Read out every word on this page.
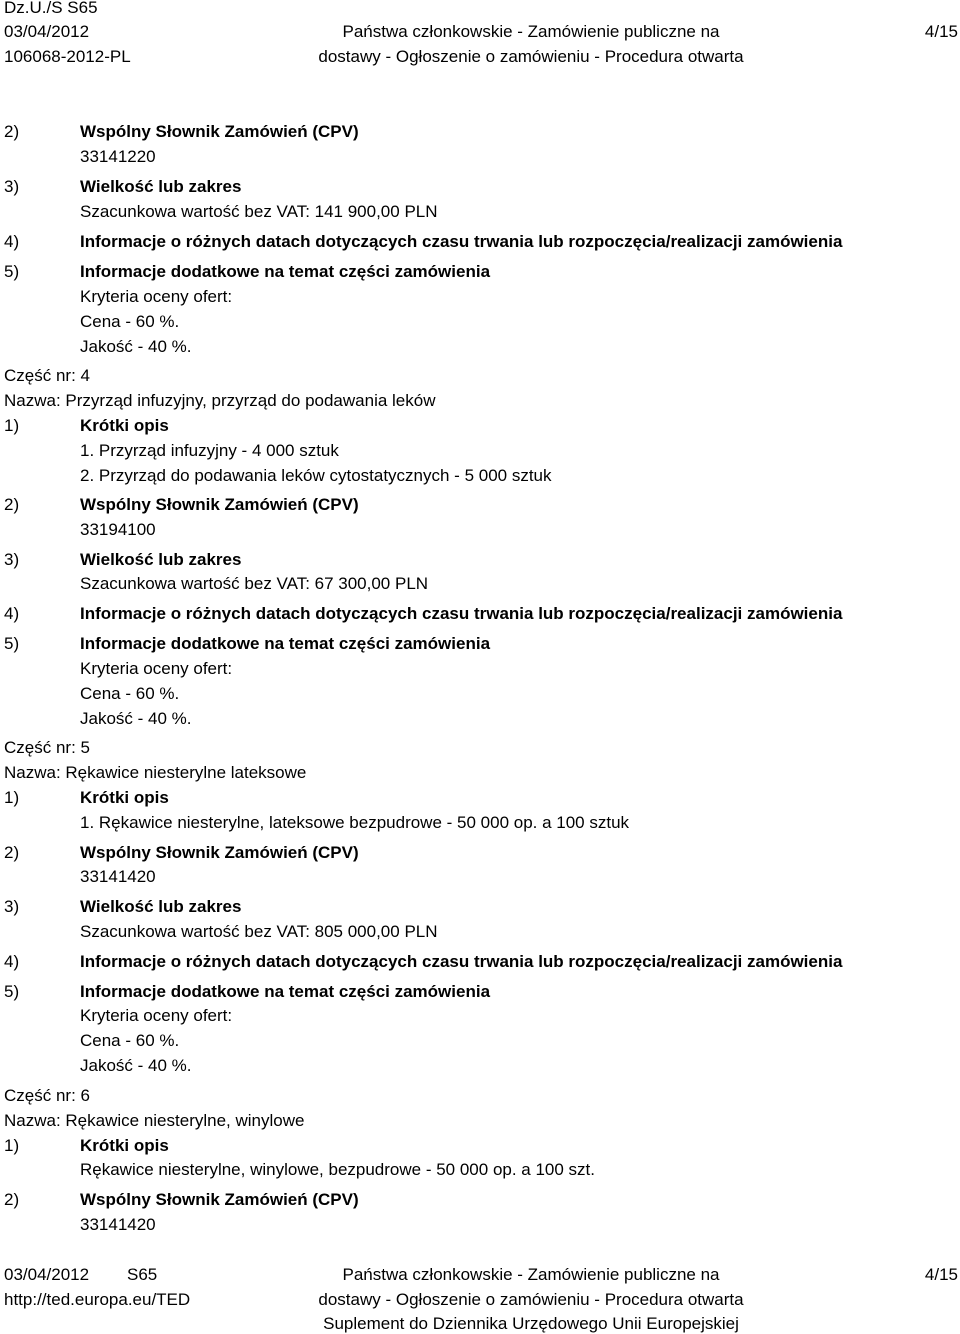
Dz.U./S S65
03/04/2012
106068-2012-PL
Państwa członkowskie - Zamówienie publiczne na
dostawy - Ogłoszenie o zamówieniu - Procedura otwarta
4/15
2)	Wspólny Słownik Zamówień (CPV)
33141220
3)	Wielkość lub zakres
Szacunkowa wartość bez VAT: 141 900,00 PLN
4)	Informacje o różnych datach dotyczących czasu trwania lub rozpoczęcia/realizacji zamówienia
5)	Informacje dodatkowe na temat części zamówienia
Kryteria oceny ofert:
Cena - 60 %.
Jakość - 40 %.
Część nr: 4
Nazwa: Przyrząd infuzyjny, przyrząd do podawania leków
1)	Krótki opis
1. Przyrząd infuzyjny - 4 000 sztuk
2. Przyrząd do podawania leków cytostatycznych - 5 000 sztuk
2)	Wspólny Słownik Zamówień (CPV)
33194100
3)	Wielkość lub zakres
Szacunkowa wartość bez VAT: 67 300,00 PLN
4)	Informacje o różnych datach dotyczących czasu trwania lub rozpoczęcia/realizacji zamówienia
5)	Informacje dodatkowe na temat części zamówienia
Kryteria oceny ofert:
Cena - 60 %.
Jakość - 40 %.
Część nr: 5
Nazwa: Rękawice niesterylne lateksowe
1)	Krótki opis
1. Rękawice niesterylne, lateksowe bezpudrowe - 50 000 op. a 100 sztuk
2)	Wspólny Słownik Zamówień (CPV)
33141420
3)	Wielkość lub zakres
Szacunkowa wartość bez VAT: 805 000,00 PLN
4)	Informacje o różnych datach dotyczących czasu trwania lub rozpoczęcia/realizacji zamówienia
5)	Informacje dodatkowe na temat części zamówienia
Kryteria oceny ofert:
Cena - 60 %.
Jakość - 40 %.
Część nr: 6
Nazwa: Rękawice niesterylne, winylowe
1)	Krótki opis
Rękawice niesterylne, winylowe, bezpudrowe - 50 000 op. a 100 szt.
2)	Wspólny Słownik Zamówień (CPV)
33141420
03/04/2012 S65
http://ted.europa.eu/TED
Państwa członkowskie - Zamówienie publiczne na
dostawy - Ogłoszenie o zamówieniu - Procedura otwarta
Suplement do Dziennika Urzędowego Unii Europejskiej
4/15
